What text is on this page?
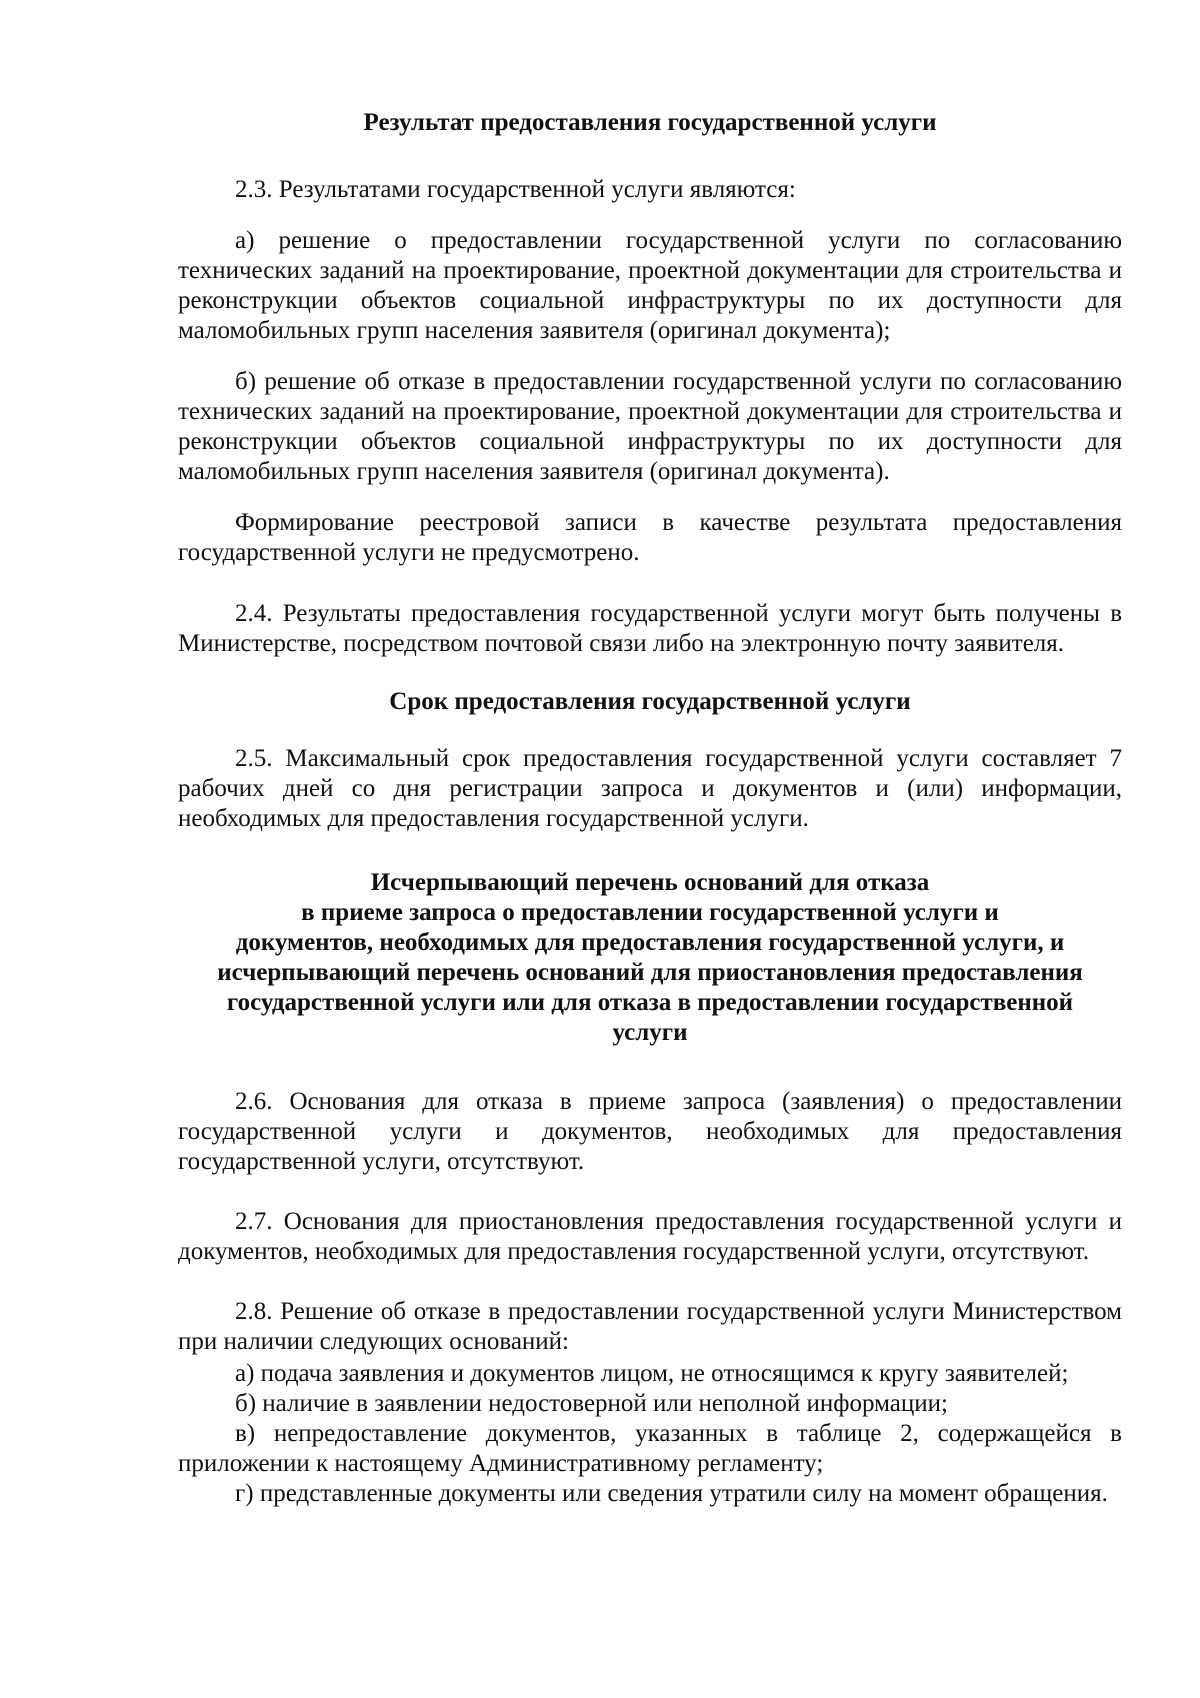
Результат предоставления государственной услуги

2.3. Результатами государственной услуги являются:

а) решение о предоставлении государственной услуги по согласованию технических заданий на проектирование, проектной документации для строительства и реконструкции объектов социальной инфраструктуры по их доступности для маломобильных групп населения заявителя (оригинал документа);

б) решение об отказе в предоставлении государственной услуги по согласованию технических заданий на проектирование, проектной документации для строительства и реконструкции объектов социальной инфраструктуры по их доступности для маломобильных групп населения заявителя (оригинал документа).

Формирование реестровой записи в качестве результата предоставления государственной услуги не предусмотрено.

2.4. Результаты предоставления государственной услуги могут быть получены в Министерстве, посредством почтовой связи либо на электронную почту заявителя.

Срок предоставления государственной услуги

2.5. Максимальный срок предоставления государственной услуги составляет 7 рабочих дней со дня регистрации запроса и документов и (или) информации, необходимых для предоставления государственной услуги.

Исчерпывающий перечень оснований для отказа
в приеме запроса о предоставлении государственной услуги и
документов, необходимых для предоставления государственной услуги, и
исчерпывающий перечень оснований для приостановления предоставления
государственной услуги или для отказа в предоставлении государственной
услуги

2.6. Основания для отказа в приеме запроса (заявления) о предоставлении государственной услуги и документов, необходимых для предоставления государственной услуги, отсутствуют.

2.7. Основания для приостановления предоставления государственной услуги и документов, необходимых для предоставления государственной услуги, отсутствуют.

2.8. Решение об отказе в предоставлении государственной услуги Министерством при наличии следующих оснований:

а) подача заявления и документов лицом, не относящимся к кругу заявителей;

б) наличие в заявлении недостоверной или неполной информации;

в) непредоставление документов, указанных в таблице 2, содержащейся в приложении к настоящему Административному регламенту;

г) представленные документы или сведения утратили силу на момент обращения.
